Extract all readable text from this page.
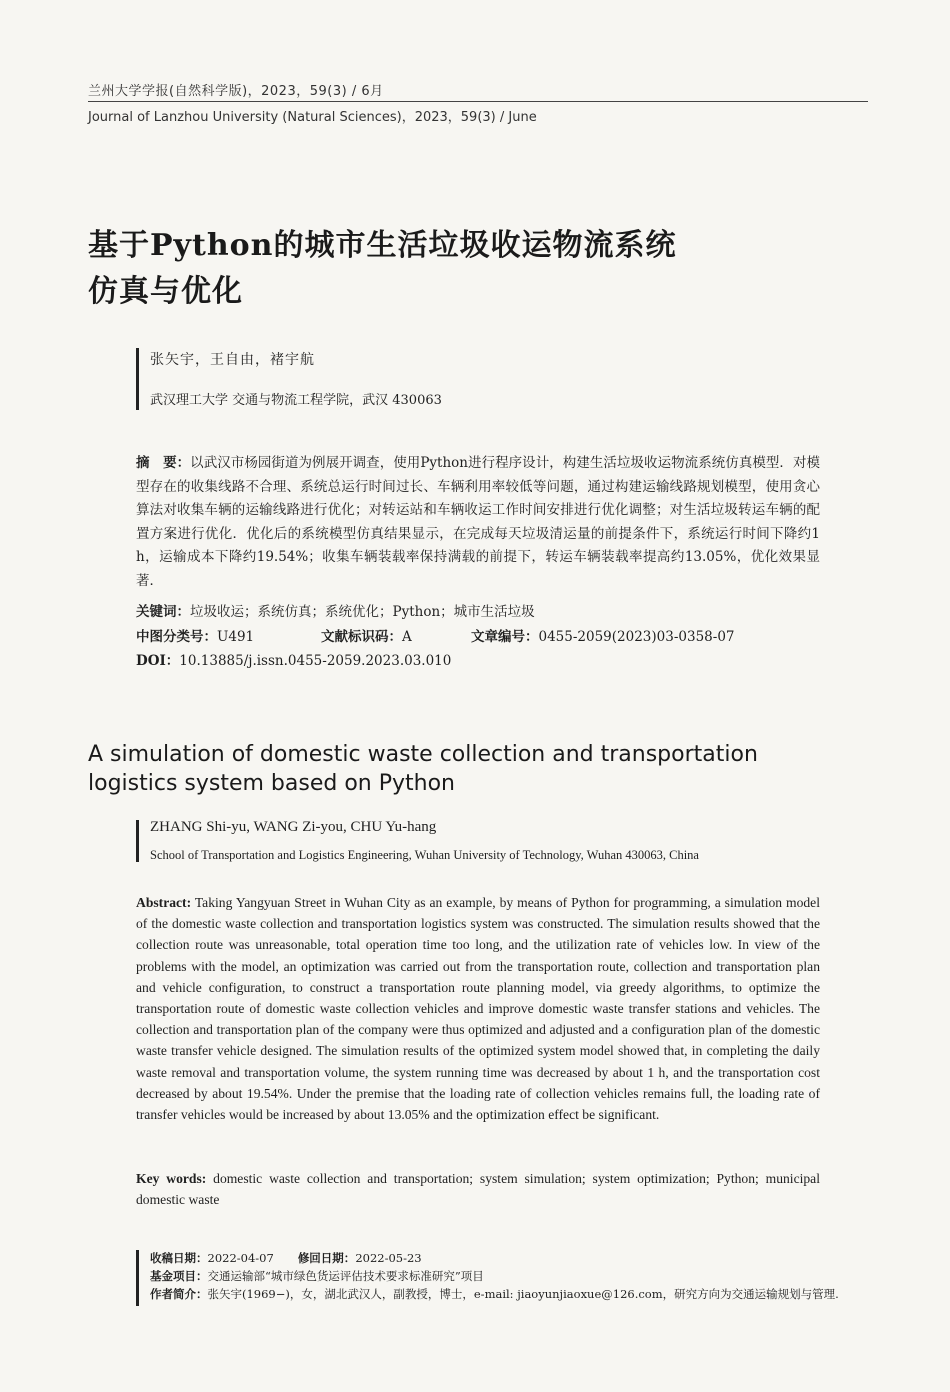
兰州大学学报(自然科学版)，2023，59(3) / 6月
Journal of Lanzhou University (Natural Sciences)，2023，59(3) / June
基于Python的城市生活垃圾收运物流系统
仿真与优化
张矢宇，王自由，褚宇航
武汉理工大学 交通与物流工程学院，武汉 430063
摘　要：以武汉市杨园街道为例展开调查，使用Python进行程序设计，构建生活垃圾收运物流系统仿真模型．对模型存在的收集线路不合理、系统总运行时间过长、车辆利用率较低等问题，通过构建运输线路规划模型，使用贪心算法对收集车辆的运输线路进行优化；对转运站和车辆收运工作时间安排进行优化调整；对生活垃圾转运车辆的配置方案进行优化．优化后的系统模型仿真结果显示，在完成每天垃圾清运量的前提条件下，系统运行时间下降约1 h，运输成本下降约19.54%；收集车辆装载率保持满载的前提下，转运车辆装载率提高约13.05%，优化效果显著．
关键词：垃圾收运；系统仿真；系统优化；Python；城市生活垃圾
中图分类号：U491	文献标识码：A	文章编号：0455-2059(2023)03-0358-07
DOI：10.13885/j.issn.0455-2059.2023.03.010
A simulation of domestic waste collection and transportation
logistics system based on Python
ZHANG Shi-yu, WANG Zi-you, CHU Yu-hang
School of Transportation and Logistics Engineering, Wuhan University of Technology, Wuhan 430063, China
Abstract: Taking Yangyuan Street in Wuhan City as an example, by means of Python for programming, a simulation model of the domestic waste collection and transportation logistics system was constructed. The simulation results showed that the collection route was unreasonable, total operation time too long, and the utilization rate of vehicles low. In view of the problems with the model, an optimization was carried out from the transportation route, collection and transportation plan and vehicle configuration, to construct a transportation route planning model, via greedy algorithms, to optimize the transportation route of domestic waste collection vehicles and improve domestic waste transfer stations and vehicles. The collection and transportation plan of the company were thus optimized and adjusted and a configuration plan of the domestic waste transfer vehicle designed. The simulation results of the optimized system model showed that, in completing the daily waste removal and transportation volume, the system running time was decreased by about 1 h, and the transportation cost decreased by about 19.54%. Under the premise that the loading rate of collection vehicles remains full, the loading rate of transfer vehicles would be increased by about 13.05% and the optimization effect be significant.
Key words: domestic waste collection and transportation; system simulation; system optimization; Python; municipal domestic waste
收稿日期：2022-04-07 修回日期：2022-05-23
基金项目：交通运输部“城市绿色货运评估技术要求标准研究”项目
作者简介：张矢宇(1969−)，女，湖北武汉人，副教授，博士，e-mail: jiaoyunjiaoxue@126.com，研究方向为交通运输规划与管理.
